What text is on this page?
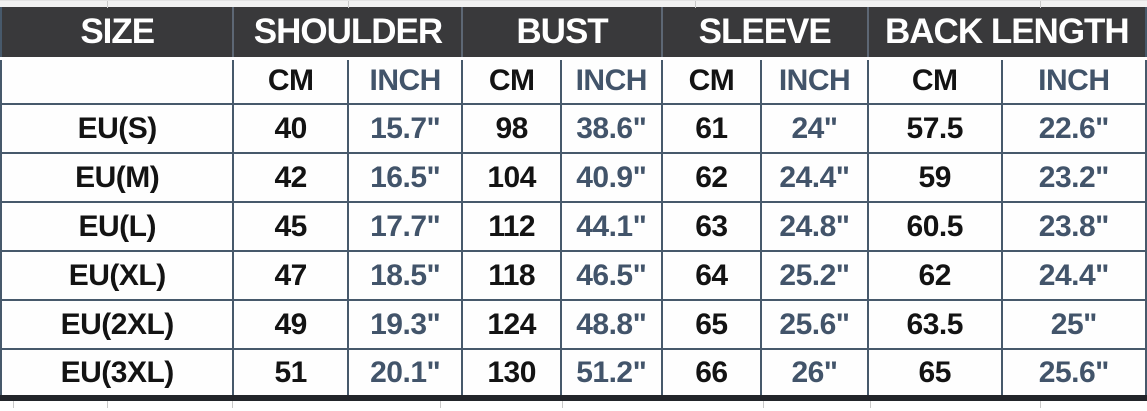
SIZE	SHOULDER		BUST		SLEEVE		BACK LENGTH	
	CM	INCH	CM	INCH	CM	INCH	CM	INCH
EU(S)	40	15.7"	98	38.6"	61	24"	57.5	22.6"
EU(M)	42	16.5"	104	40.9"	62	24.4"	59	23.2"
EU(L)	45	17.7"	112	44.1"	63	24.8"	60.5	23.8"
EU(XL)	47	18.5"	118	46.5"	64	25.2"	62	24.4"
EU(2XL)	49	19.3"	124	48.8"	65	25.6"	63.5	25"
EU(3XL)	51	20.1"	130	51.2"	66	26"	65	25.6"
